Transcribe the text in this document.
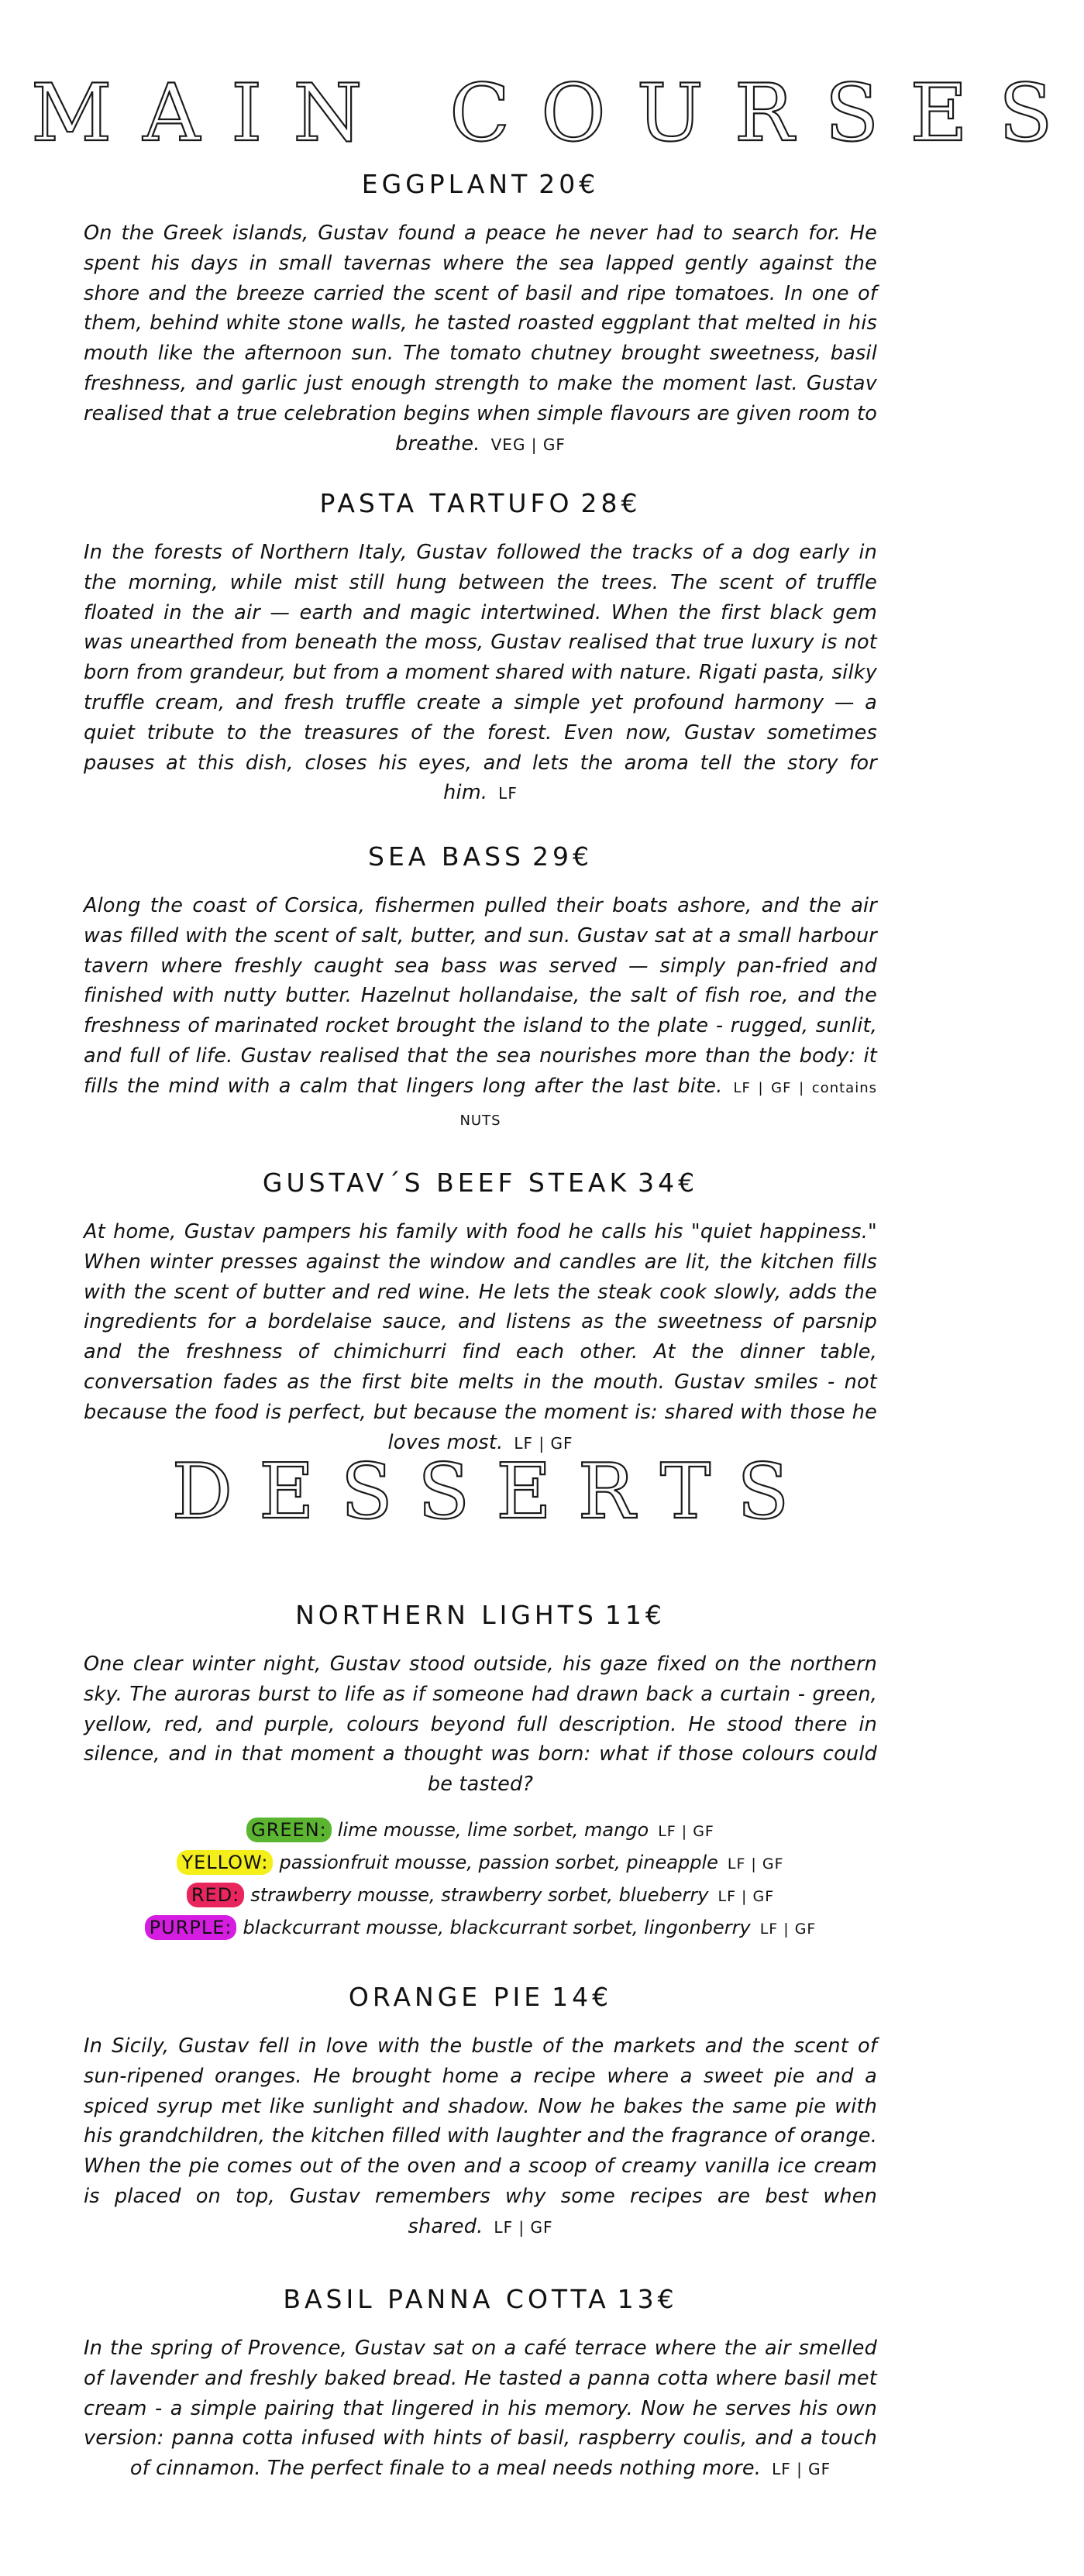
MAIN COURSES
EGGPLANT 20€

On the Greek islands, Gustav found a peace he never had to search for. He spent his days in small tavernas where the sea lapped gently against the shore and the breeze carried the scent of basil and ripe tomatoes. In one of them, behind white stone walls, he tasted roasted eggplant that melted in his mouth like the afternoon sun. The tomato chutney brought sweetness, basil freshness, and garlic just enough strength to make the moment last. Gustav realised that a true celebration begins when simple flavours are given room to breathe. VEG | GF

PASTA TARTUFO 28€

In the forests of Northern Italy, Gustav followed the tracks of a dog early in the morning, while mist still hung between the trees. The scent of truffle floated in the air — earth and magic intertwined. When the first black gem was unearthed from beneath the moss, Gustav realised that true luxury is not born from grandeur, but from a moment shared with nature. Rigati pasta, silky truffle cream, and fresh truffle create a simple yet profound harmony — a quiet tribute to the treasures of the forest. Even now, Gustav sometimes pauses at this dish, closes his eyes, and lets the aroma tell the story for him. LF

SEA BASS 29€

Along the coast of Corsica, fishermen pulled their boats ashore, and the air was filled with the scent of salt, butter, and sun. Gustav sat at a small harbour tavern where freshly caught sea bass was served — simply pan-fried and finished with nutty butter. Hazelnut hollandaise, the salt of fish roe, and the freshness of marinated rocket brought the island to the plate - rugged, sunlit, and full of life. Gustav realised that the sea nourishes more than the body: it fills the mind with a calm that lingers long after the last bite. LF | GF | contains NUTS

GUSTAV´S BEEF STEAK 34€

At home, Gustav pampers his family with food he calls his "quiet happiness." When winter presses against the window and candles are lit, the kitchen fills with the scent of butter and red wine. He lets the steak cook slowly, adds the ingredients for a bordelaise sauce, and listens as the sweetness of parsnip and the freshness of chimichurri find each other. At the dinner table, conversation fades as the first bite melts in the mouth. Gustav smiles - not because the food is perfect, but because the moment is: shared with those he loves most. LF | GF

DESSERTS
NORTHERN LIGHTS 11€

One clear winter night, Gustav stood outside, his gaze fixed on the northern sky. The auroras burst to life as if someone had drawn back a curtain - green, yellow, red, and purple, colours beyond full description. He stood there in silence, and in that moment a thought was born: what if those colours could be tasted?

GREEN: lime mousse, lime sorbet, mango LF | GF
YELLOW: passionfruit mousse, passion sorbet, pineapple LF | GF
RED: strawberry mousse, strawberry sorbet, blueberry LF | GF
PURPLE: blackcurrant mousse, blackcurrant sorbet, lingonberry LF | GF
ORANGE PIE 14€

In Sicily, Gustav fell in love with the bustle of the markets and the scent of sun-ripened oranges. He brought home a recipe where a sweet pie and a spiced syrup met like sunlight and shadow. Now he bakes the same pie with his grandchildren, the kitchen filled with laughter and the fragrance of orange. When the pie comes out of the oven and a scoop of creamy vanilla ice cream is placed on top, Gustav remembers why some recipes are best when shared. LF | GF

BASIL PANNA COTTA 13€

In the spring of Provence, Gustav sat on a café terrace where the air smelled of lavender and freshly baked bread. He tasted a panna cotta where basil met cream - a simple pairing that lingered in his memory. Now he serves his own version: panna cotta infused with hints of basil, raspberry coulis, and a touch of cinnamon. The perfect finale to a meal needs nothing more. LF | GF
